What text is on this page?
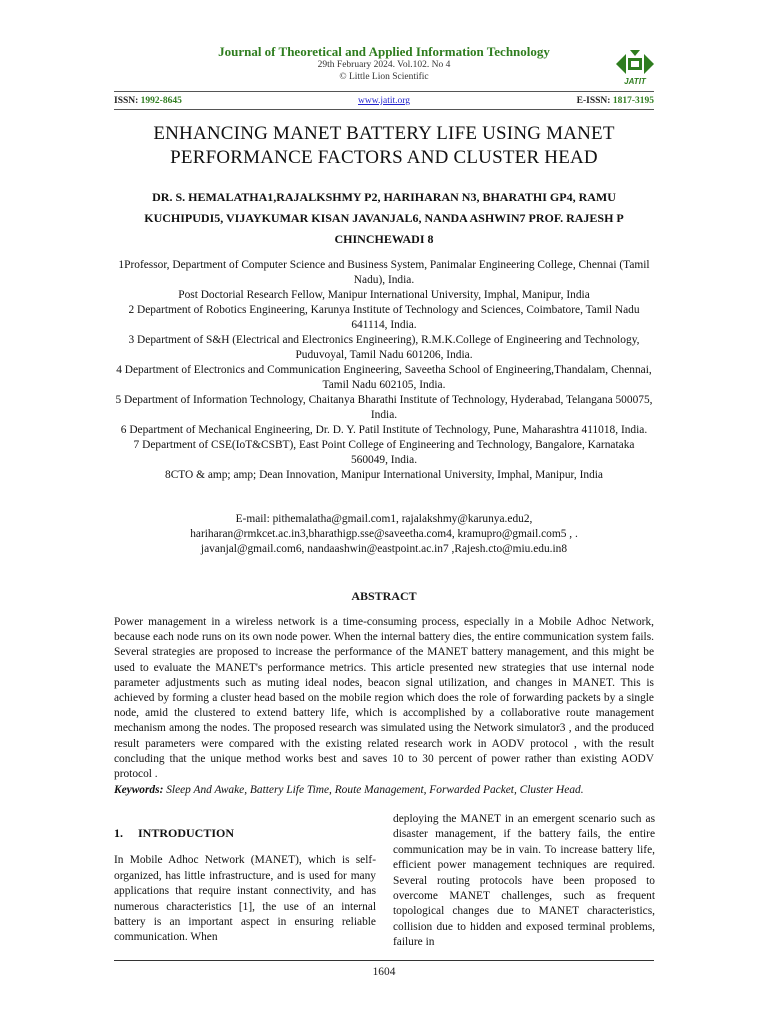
Journal of Theoretical and Applied Information Technology
29th February 2024. Vol.102. No 4
© Little Lion Scientific	JATIT
ISSN: 1992-8645	www.jatit.org	E-ISSN: 1817-3195
ENHANCING MANET BATTERY LIFE USING MANET PERFORMANCE FACTORS AND CLUSTER HEAD
DR. S. HEMALATHA1,RAJALKSHMY P2, HARIHARAN N3, BHARATHI GP4, RAMU KUCHIPUDI5, VIJAYKUMAR KISAN JAVANJAL6, NANDA ASHWIN7 PROF. RAJESH P CHINCHEWADI 8
1Professor, Department of Computer Science and Business System, Panimalar Engineering College, Chennai (Tamil Nadu), India.
Post Doctorial Research Fellow, Manipur International University, Imphal, Manipur, India
2 Department of Robotics Engineering, Karunya Institute of Technology and Sciences, Coimbatore, Tamil Nadu 641114, India.
3 Department of S&H (Electrical and Electronics Engineering), R.M.K.College of Engineering and Technology, Puduvoyal, Tamil Nadu 601206, India.
4 Department of Electronics and Communication Engineering, Saveetha School of Engineering,Thandalam, Chennai, Tamil Nadu 602105, India.
5 Department of Information Technology, Chaitanya Bharathi Institute of Technology, Hyderabad, Telangana 500075, India.
6 Department of Mechanical Engineering, Dr. D. Y. Patil Institute of Technology, Pune, Maharashtra 411018, India.
7 Department of CSE(IoT&CSBT), East Point College of Engineering and Technology, Bangalore, Karnataka 560049, India.
8CTO & amp; amp; Dean Innovation, Manipur International University, Imphal, Manipur, India
E-mail: pithemalatha@gmail.com1, rajalakshmy@karunya.edu2,
hariharan@rmkcet.ac.in3,bharathigp.sse@saveetha.com4, kramupro@gmail.com5 , .
javanjal@gmail.com6, nandaashwin@eastpoint.ac.in7 ,Rajesh.cto@miu.edu.in8
ABSTRACT
Power management in a wireless network is a time-consuming process, especially in a Mobile Adhoc Network, because each node runs on its own node power. When the internal battery dies, the entire communication system fails. Several strategies are proposed to increase the performance of the MANET battery management, and this might be used to evaluate the MANET's performance metrics. This article presented new strategies that use internal node parameter adjustments such as muting ideal nodes, beacon signal utilization, and changes in MANET. This is achieved by forming a cluster head based on the mobile region which does the role of forwarding packets by a single node, amid the clustered to extend battery life, which is accomplished by a collaborative route management mechanism among the nodes. The proposed research was simulated using the Network simulator3 , and the produced result parameters were compared with the existing related research work in AODV protocol , with the result concluding that the unique method works best and saves 10 to 30 percent of power rather than existing AODV protocol .
Keywords: Sleep And Awake, Battery Life Time, Route Management, Forwarded Packet, Cluster Head.
1. INTRODUCTION
In Mobile Adhoc Network (MANET), which is self-organized, has little infrastructure, and is used for many applications that require instant connectivity, and has numerous characteristics [1], the use of an internal battery is an important aspect in ensuring reliable communication. When
deploying the MANET in an emergent scenario such as disaster management, if the battery fails, the entire communication may be in vain. To increase battery life, efficient power management techniques are required. Several routing protocols have been proposed to overcome MANET challenges, such as frequent topological changes due to MANET characteristics, collision due to hidden and exposed terminal problems, failure in
1604
